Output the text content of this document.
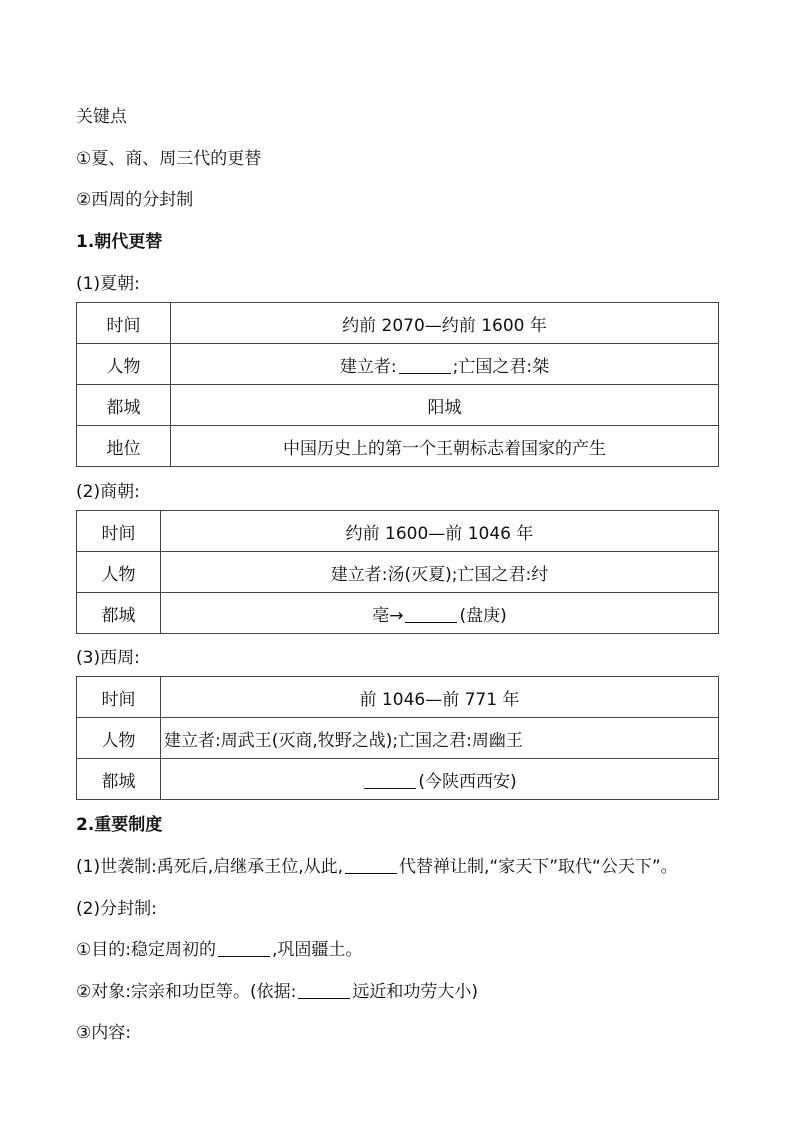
关键点
①夏、商、周三代的更替
②西周的分封制
1.朝代更替
(1)夏朝:
时间	约前 2070—约前 1600 年
人物	建立者: ;亡国之君:桀
都城	阳城
地位	中国历史上的第一个王朝标志着国家的产生
(2)商朝:
时间	约前 1600—前 1046 年
人物	建立者:汤(灭夏);亡国之君:纣
都城	亳→ (盘庚)
(3)西周:
时间	前 1046—前 771 年
人物	建立者:周武王(灭商,牧野之战);亡国之君:周幽王
都城	(今陕西西安)
2.重要制度
(1)世袭制:禹死后,启继承王位,从此,	代替禅让制,“家天下”取代“公天下”。
(2)分封制:
①目的:稳定周初的	,巩固疆土。
②对象:宗亲和功臣等。(依据:	远近和功劳大小)
③内容:
